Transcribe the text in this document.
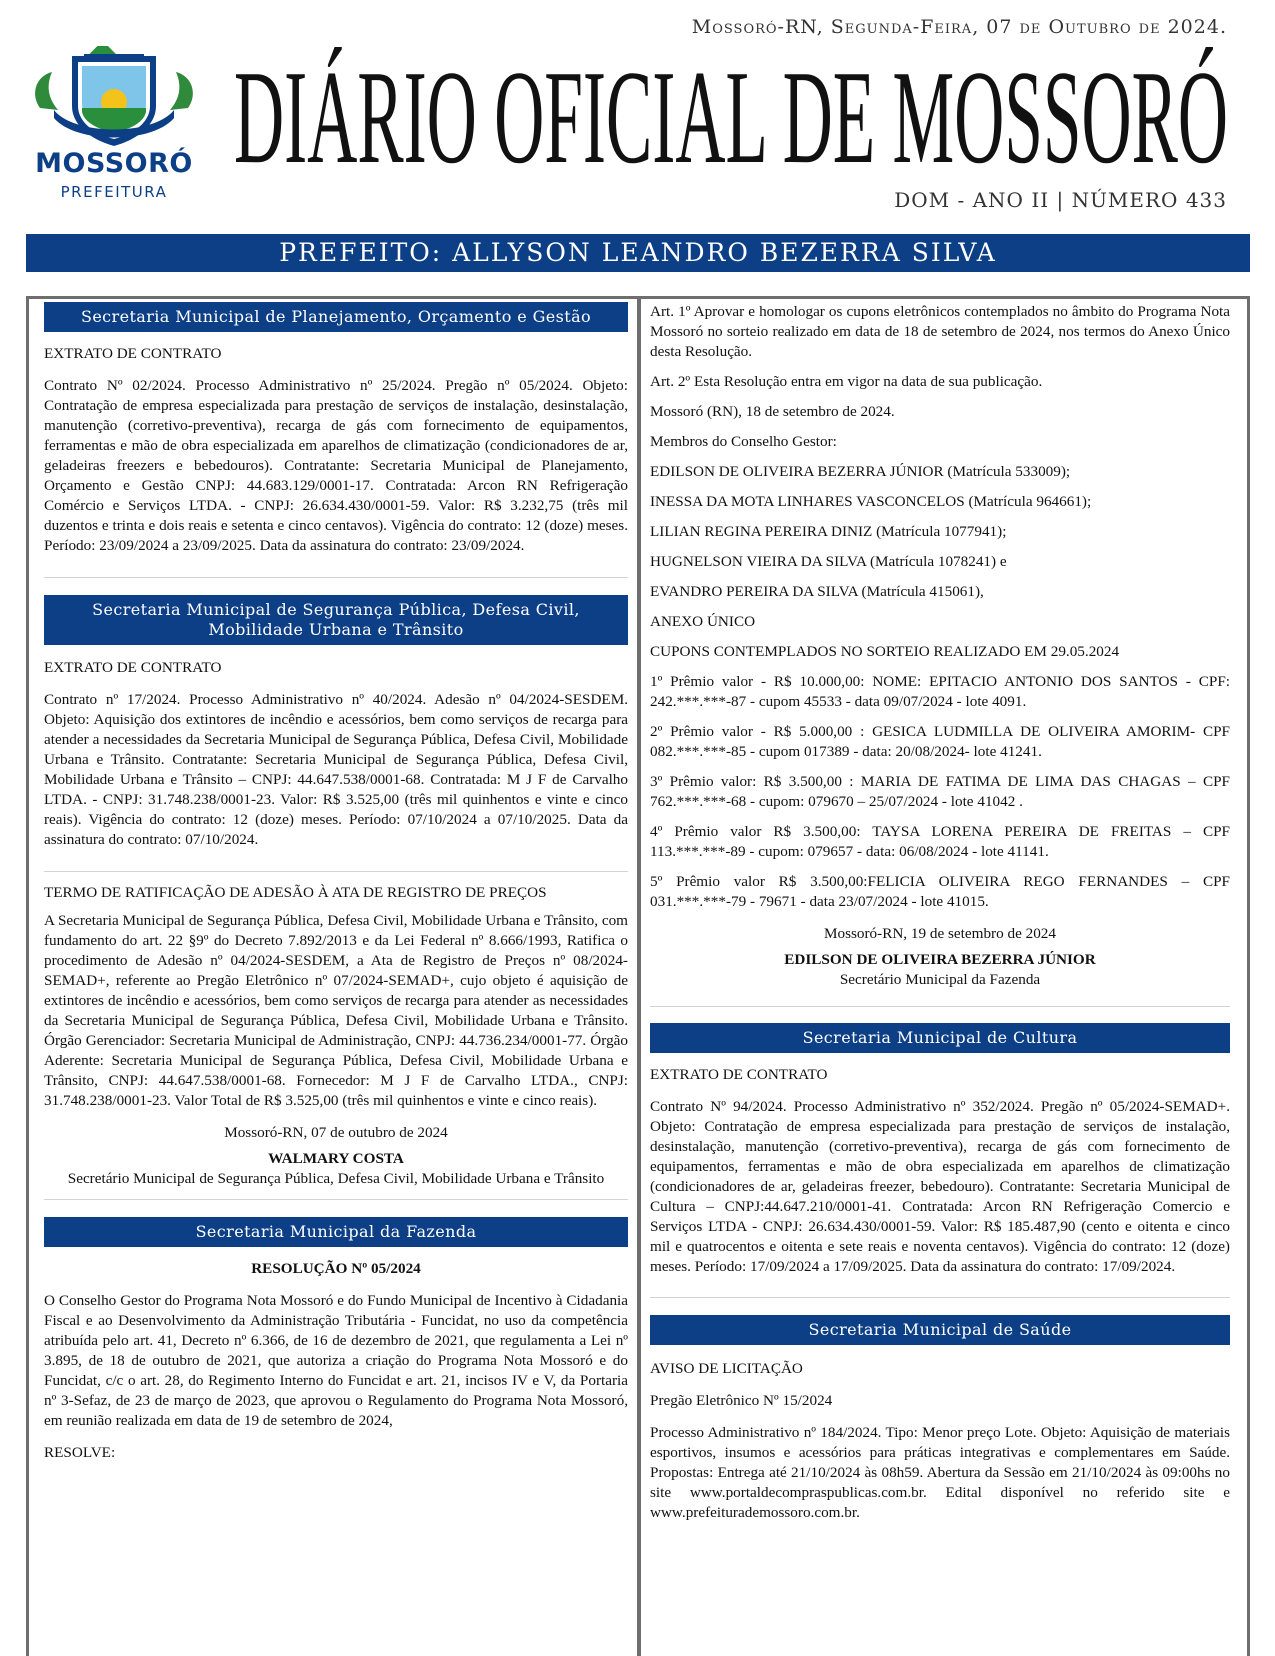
Mossoró-RN, Segunda-Feira, 07 de Outubro de 2024.
MOSSORÓ
PREFEITURA
DIÁRIO OFICIAL DE MOSSORÓ
DOM - ANO II | NÚMERO 433
PREFEITO: ALLYSON LEANDRO BEZERRA SILVA
Secretaria Municipal de Planejamento, Orçamento e Gestão

EXTRATO DE CONTRATO

Contrato Nº 02/2024. Processo Administrativo nº 25/2024. Pregão nº 05/2024. Objeto: Contratação de empresa especializada para prestação de serviços de instalação, desinstalação, manutenção (corretivo-preventiva), recarga de gás com fornecimento de equipamentos, ferramentas e mão de obra especializada em aparelhos de climatização (condicionadores de ar, geladeiras freezers e bebedouros). Contratante: Secretaria Municipal de Planejamento, Orçamento e Gestão CNPJ: 44.683.129/0001-17. Contratada: Arcon RN Refrigeração Comércio e Serviços LTDA. - CNPJ: 26.634.430/0001-59. Valor: R$ 3.232,75 (três mil duzentos e trinta e dois reais e setenta e cinco centavos). Vigência do contrato: 12 (doze) meses. Período: 23/09/2024 a 23/09/2025. Data da assinatura do contrato: 23/09/2024.

Secretaria Municipal de Segurança Pública, Defesa Civil, Mobilidade Urbana e Trânsito

EXTRATO DE CONTRATO

Contrato nº 17/2024. Processo Administrativo nº 40/2024. Adesão nº 04/2024-SESDEM. Objeto: Aquisição dos extintores de incêndio e acessórios, bem como serviços de recarga para atender a necessidades da Secretaria Municipal de Segurança Pública, Defesa Civil, Mobilidade Urbana e Trânsito. Contratante: Secretaria Municipal de Segurança Pública, Defesa Civil, Mobilidade Urbana e Trânsito – CNPJ: 44.647.538/0001-68. Contratada: M J F de Carvalho LTDA. - CNPJ: 31.748.238/0001-23. Valor: R$ 3.525,00 (três mil quinhentos e vinte e cinco reais). Vigência do contrato: 12 (doze) meses. Período: 07/10/2024 a 07/10/2025. Data da assinatura do contrato: 07/10/2024.

TERMO DE RATIFICAÇÃO DE ADESÃO À ATA DE REGISTRO DE PREÇOS

A Secretaria Municipal de Segurança Pública, Defesa Civil, Mobilidade Urbana e Trânsito, com fundamento do art. 22 §9º do Decreto 7.892/2013 e da Lei Federal nº 8.666/1993, Ratifica o procedimento de Adesão nº 04/2024-SESDEM, a Ata de Registro de Preços nº 08/2024-SEMAD+, referente ao Pregão Eletrônico nº 07/2024-SEMAD+, cujo objeto é aquisição de extintores de incêndio e acessórios, bem como serviços de recarga para atender as necessidades da Secretaria Municipal de Segurança Pública, Defesa Civil, Mobilidade Urbana e Trânsito. Órgão Gerenciador: Secretaria Municipal de Administração, CNPJ: 44.736.234/0001-77. Órgão Aderente: Secretaria Municipal de Segurança Pública, Defesa Civil, Mobilidade Urbana e Trânsito, CNPJ: 44.647.538/0001-68. Fornecedor: M J F de Carvalho LTDA., CNPJ: 31.748.238/0001-23. Valor Total de R$ 3.525,00 (três mil quinhentos e vinte e cinco reais).

Mossoró-RN, 07 de outubro de 2024

WALMARY COSTA

Secretário Municipal de Segurança Pública, Defesa Civil, Mobilidade Urbana e Trânsito

Secretaria Municipal da Fazenda

RESOLUÇÃO Nº 05/2024

O Conselho Gestor do Programa Nota Mossoró e do Fundo Municipal de Incentivo à Cidadania Fiscal e ao Desenvolvimento da Administração Tributária - Funcidat, no uso da competência atribuída pelo art. 41, Decreto nº 6.366, de 16 de dezembro de 2021, que regulamenta a Lei nº 3.895, de 18 de outubro de 2021, que autoriza a criação do Programa Nota Mossoró e do Funcidat, c/c o art. 28, do Regimento Interno do Funcidat e art. 21, incisos IV e V, da Portaria nº 3-Sefaz, de 23 de março de 2023, que aprovou o Regulamento do Programa Nota Mossoró, em reunião realizada em data de 19 de setembro de 2024,

RESOLVE:

Art. 1º Aprovar e homologar os cupons eletrônicos contemplados no âmbito do Programa Nota Mossoró no sorteio realizado em data de 18 de setembro de 2024, nos termos do Anexo Único desta Resolução.

Art. 2º Esta Resolução entra em vigor na data de sua publicação.

Mossoró (RN), 18 de setembro de 2024.

Membros do Conselho Gestor:

EDILSON DE OLIVEIRA BEZERRA JÚNIOR (Matrícula 533009);

INESSA DA MOTA LINHARES VASCONCELOS (Matrícula 964661);

LILIAN REGINA PEREIRA DINIZ (Matrícula 1077941);

HUGNELSON VIEIRA DA SILVA (Matrícula 1078241) e

EVANDRO PEREIRA DA SILVA (Matrícula 415061),

ANEXO ÚNICO

CUPONS CONTEMPLADOS NO SORTEIO REALIZADO EM 29.05.2024

1º Prêmio valor - R$ 10.000,00: NOME: EPITACIO ANTONIO DOS SANTOS - CPF: 242.***.***-87 - cupom 45533 - data 09/07/2024 - lote 4091.

2º Prêmio valor - R$ 5.000,00 : GESICA LUDMILLA DE OLIVEIRA AMORIM- CPF 082.***.***-85 - cupom 017389 - data: 20/08/2024- lote 41241.

3º Prêmio valor: R$ 3.500,00 : MARIA DE FATIMA DE LIMA DAS CHAGAS – CPF 762.***.***-68 - cupom: 079670 – 25/07/2024 - lote 41042 .

4º Prêmio valor R$ 3.500,00: TAYSA LORENA PEREIRA DE FREITAS – CPF 113.***.***-89 - cupom: 079657 - data: 06/08/2024 - lote 41141.

5º Prêmio valor R$ 3.500,00:FELICIA OLIVEIRA REGO FERNANDES – CPF 031.***.***-79 - 79671 - data 23/07/2024 - lote 41015.

Mossoró-RN, 19 de setembro de 2024

EDILSON DE OLIVEIRA BEZERRA JÚNIOR

Secretário Municipal da Fazenda

Secretaria Municipal de Cultura

EXTRATO DE CONTRATO

Contrato Nº 94/2024. Processo Administrativo nº 352/2024. Pregão nº 05/2024-SEMAD+. Objeto: Contratação de empresa especializada para prestação de serviços de instalação, desinstalação, manutenção (corretivo-preventiva), recarga de gás com fornecimento de equipamentos, ferramentas e mão de obra especializada em aparelhos de climatização (condicionadores de ar, geladeiras freezer, bebedouro). Contratante: Secretaria Municipal de Cultura – CNPJ:44.647.210/0001-41. Contratada: Arcon RN Refrigeração Comercio e Serviços LTDA - CNPJ: 26.634.430/0001-59. Valor: R$ 185.487,90 (cento e oitenta e cinco mil e quatrocentos e oitenta e sete reais e noventa centavos). Vigência do contrato: 12 (doze) meses. Período: 17/09/2024 a 17/09/2025. Data da assinatura do contrato: 17/09/2024.

Secretaria Municipal de Saúde

AVISO DE LICITAÇÃO

Pregão Eletrônico Nº 15/2024

Processo Administrativo nº 184/2024. Tipo: Menor preço Lote. Objeto: Aquisição de materiais esportivos, insumos e acessórios para práticas integrativas e complementares em Saúde. Propostas: Entrega até 21/10/2024 às 08h59. Abertura da Sessão em 21/10/2024 às 09:00hs no site www.portaldecompraspublicas.com.br. Edital disponível no referido site e www.prefeiturademossoro.com.br.
